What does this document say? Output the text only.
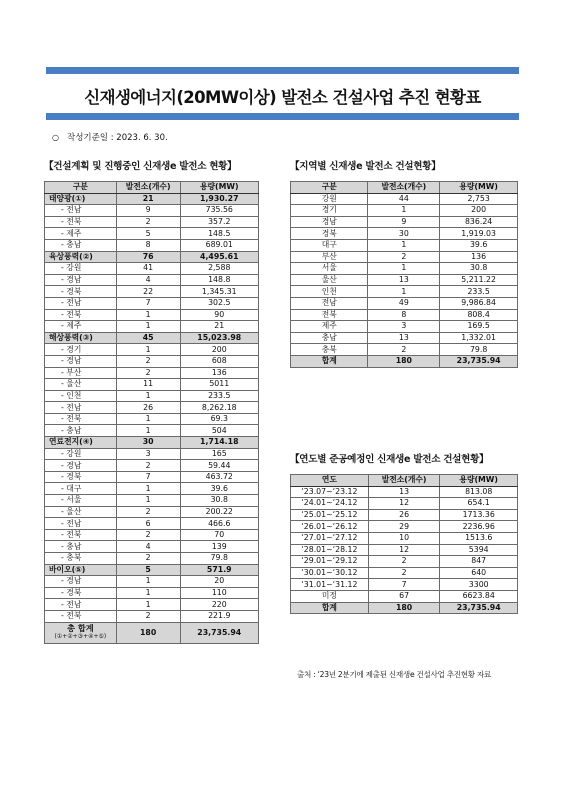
신재생에너지(20MW이상) 발전소 건설사업 추진 현황표
○ 작성기준일 : 2023. 6. 30.
【건설계획 및 진행중인 신재생e 발전소 현황】
구분	발전소(개수)	용량(MW)
태양광(①)	21	1,930.27
- 전남	9	735.56
- 전북	2	357.2
- 제주	5	148.5
- 충남	8	689.01
육상풍력(②)	76	4,495.61
- 강원	41	2,588
- 경남	4	148.8
- 경북	22	1,345.31
- 전남	7	302.5
- 전북	1	90
- 제주	1	21
해상풍력(③)	45	15,023.98
- 경기	1	200
- 경남	2	608
- 부산	2	136
- 울산	11	5011
- 인천	1	233.5
- 전남	26	8,262.18
- 전북	1	69.3
- 충남	1	504
연료전지(④)	30	1,714.18
- 강원	3	165
- 경남	2	59.44
- 경북	7	463.72
- 대구	1	39.6
- 서울	1	30.8
- 울산	2	200.22
- 전남	6	466.6
- 전북	2	70
- 충남	4	139
- 충북	2	79.8
바이오(⑤)	5	571.9
- 경남	1	20
- 경북	1	110
- 전남	1	220
- 전북	2	221.9

총 합계
(①+②+③+④+⑤)	180	23,735.94
【지역별 신재생e 발전소 건설현황】
구분	발전소(개수)	용량(MW)
강원	44	2,753
경기	1	200
경남	9	836.24
경북	30	1,919.03
대구	1	39.6
부산	2	136
서울	1	30.8
울산	13	5,211.22
인천	1	233.5
전남	49	9,986.84
전북	8	808.4
제주	3	169.5
충남	13	1,332.01
충북	2	79.8
합계	180	23,735.94
【연도별 준공예정인 신재생e 발전소 건설현황】
연도	발전소(개수)	용량(MW)
‘23.07~‘23.12	13	813.08
‘24.01~‘24.12	12	654.1
‘25.01~‘25.12	26	1713.36
‘26.01~‘26.12	29	2236.96
‘27.01~‘27.12	10	1513.6
‘28.01~‘28.12	12	5394
‘29.01~‘29.12	2	847
‘30.01~‘30.12	2	640
‘31.01~‘31.12	7	3300
미정	67	6623.84
합계	180	23,735.94
출처 : ‘23년 2분기에 제출된 신재생e 건설사업 추진현황 자료
